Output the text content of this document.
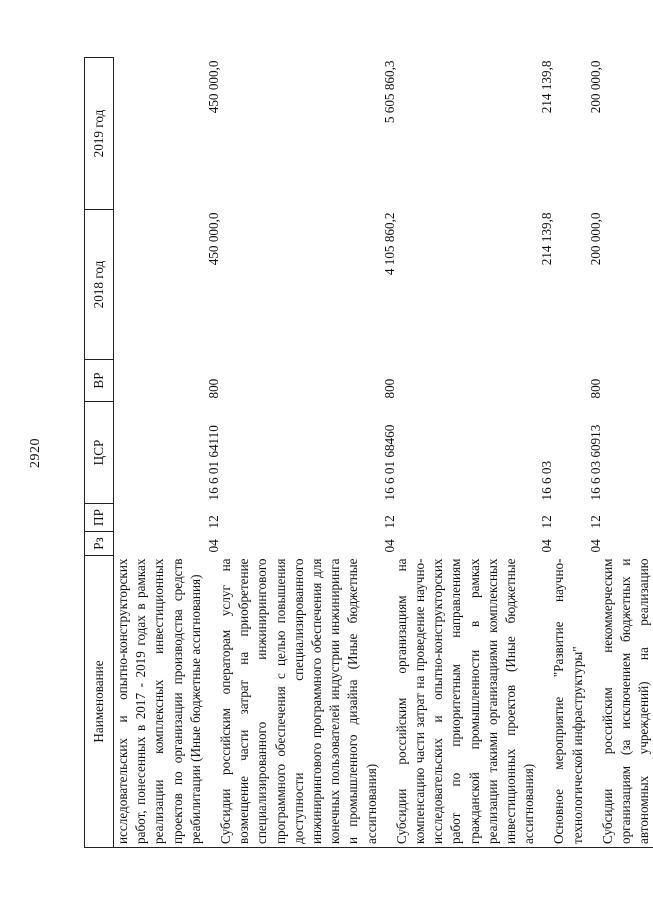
2920
Наименование	Рз	ПР	ЦСР	ВР	2018 год	2019 год
исследовательских и опытно-конструкторских работ, понесенных в 2017 - 2019 годах в рамках реализации комплексных инвестиционных проектов по организации производства средств реабилитации (Иные бюджетные ассигнования)						
Субсидии российским операторам услуг на возмещение части затрат на приобретение специализированного инжинирингового программного обеспечения с целью повышения доступности специализированного инжинирингового программного обеспечения для конечных пользователей индустрии инжиниринга и промышленного дизайна (Иные бюджетные ассигнования)	04	12	16 6 01 64110	800	450 000,0	450 000,0
Субсидии российским организациям на компенсацию части затрат на проведение научно-исследовательских и опытно-конструкторских работ по приоритетным направлениям гражданской промышленности в рамках реализации такими организациями комплексных инвестиционных проектов (Иные бюджетные ассигнования)	04	12	16 6 01 68460	800	4 105 860,2	5 605 860,3
Основное мероприятие "Развитие научно-технологической инфраструктуры"	04	12	16 6 03		214 139,8	214 139,8
Субсидии российским некоммерческим организациям (за исключением бюджетных и автономных учреждений) на реализацию	04	12	16 6 03 60913	800	200 000,0	200 000,0
